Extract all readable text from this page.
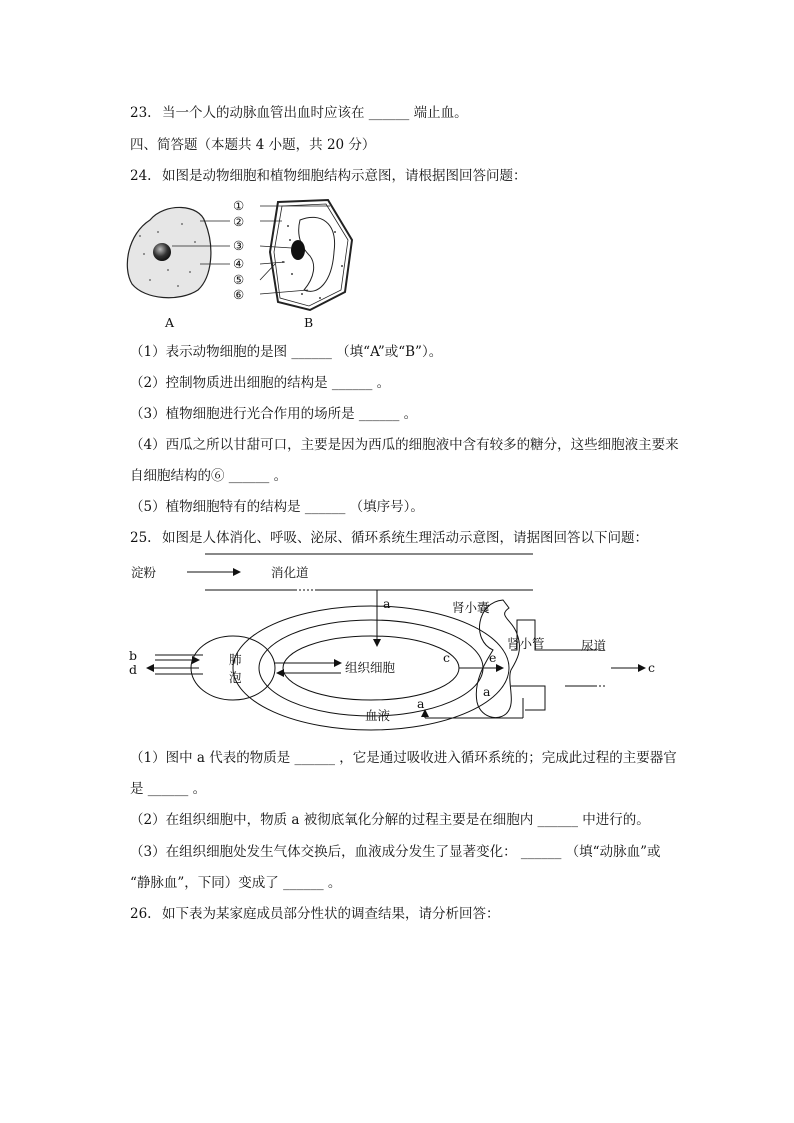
23. 当一个人的动脉血管出血时应该在 ______ 端止血。
四、简答题（本题共 4 小题，共 20 分）
24. 如图是动物细胞和植物细胞结构示意图，请根据图回答问题：
①
②
③
④
⑤
⑥
A	B
（1）表示动物细胞的是图 ______ （填“A”或“B”）。
（2）控制物质进出细胞的结构是 ______ 。
（3）植物细胞进行光合作用的场所是 ______ 。
（4）西瓜之所以甘甜可口，主要是因为西瓜的细胞液中含有较多的糖分，这些细胞液主要来
自细胞结构的⑥ ______ 。
（5）植物细胞特有的结构是 ______ （填序号）。
25. 如图是人体消化、呼吸、泌尿、循环系统生理活动示意图，请据图回答以下问题：
淀粉	消化道
a	肾小囊
肾小管	尿道
b
d
肺
泡
组织细胞
c	e
c
a
血液
a
（1）图中 a 代表的物质是 ______ ，它是通过吸收进入循环系统的；完成此过程的主要器官
是 ______ 。
（2）在组织细胞中，物质 a 被彻底氧化分解的过程主要是在细胞内 ______ 中进行的。
（3）在组织细胞处发生气体交换后，血液成分发生了显著变化： ______ （填“动脉血”或
“静脉血”，下同）变成了 ______ 。
26. 如下表为某家庭成员部分性状的调查结果，请分析回答：
